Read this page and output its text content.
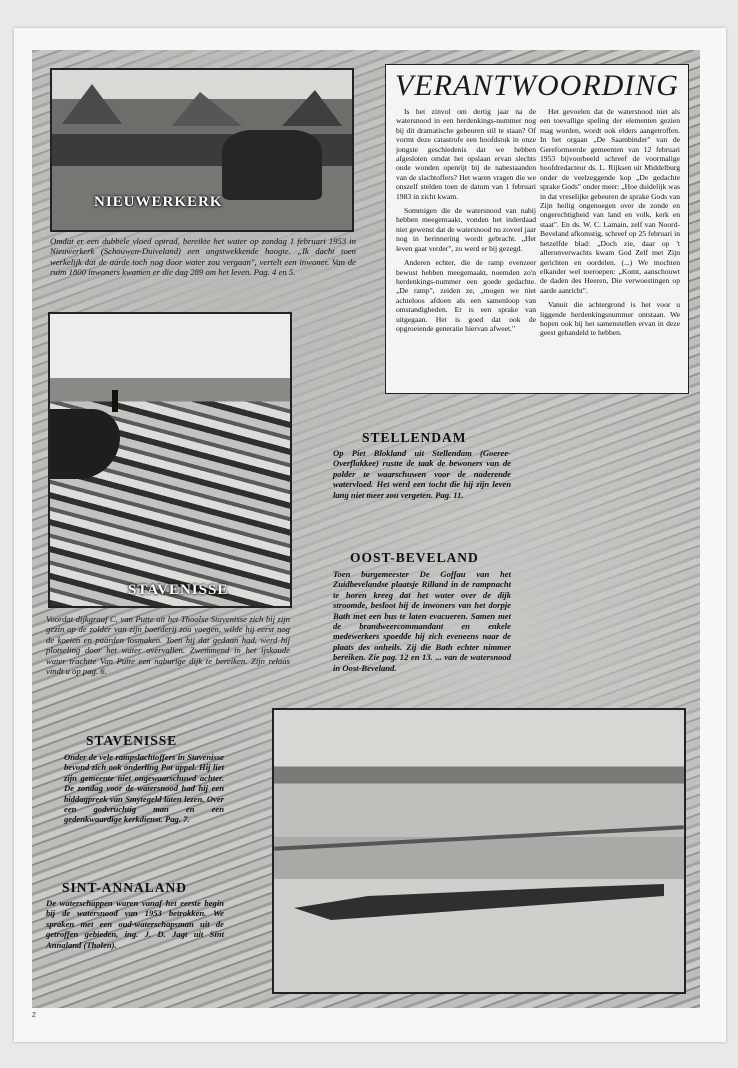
NIEUWERKERK
Omdat er een dubbele vloed optrad, bereikte het water op zondag 1 februari 1953 in Nieuwerkerk (Schouwen-Duiveland) een angstwekkende hoogte. „Ik dacht toen werkelijk dat de aarde toch nog door water zou vergaan", vertelt een inwoner. Van de ruim 1800 inwoners kwamen er die dag 289 om het leven. Pag. 4 en 5.
VERANTWOORDING

Is het zinvol om dertig jaar na de watersnood in een herdenkings-nummer nog bij dit dramatische gebeuren stil te staan? Of vormt deze catastrofe een hoofdstuk in onze jongste geschiedenis dat we hebben afgesloten omdat het opslaan ervan slechts oude wonden openrijt bij de nabestaanden van de slachtoffers? Het waren vragen die we onszelf stelden toen de datum van 1 februari 1983 in zicht kwam.

Sommigen die de watersnood van nabij hebben meegemaakt, vonden het inderdaad niet gewenst dat de watersnood nu zoveel jaar nog in herinnering wordt gebracht. „Het leven gaat verder", zo werd er bij gezegd.

Anderen echter, die de ramp evenzeer bewust hebben meegemaakt, noemden zo'n herdenkings-nummer een goede gedachte. „De ramp", zeiden ze, „mogen we niet achteloos afdoen als een samenloop van omstandigheden. Er is een sprake van uitgegaan. Het is goed dat ook de opgroeiende generatie hiervan afweet."

Het gevoelen dat de watersnood niet als een toevallige speling der elementen gezien mag worden, wordt ook elders aangetroffen. In het orgaan „De Saambinder" van de Gereformeerde gemeenten van 12 februari 1953 bijvoorbeeld schreef de voormalige hoofdredacteur ds. L. Rijksen uit Middelburg onder de veelzeggende kop „De gedachte sprake Gods" onder meer: „Hoe duidelijk was in dat vreselijke gebeuren de sprake Gods van Zijn heilig ongenoegen over de zonde en ongerechtigheid van land en volk, kerk en staat". En ds. W. C. Lamain, zelf van Noord-Beveland afkomstig, schreef op 25 februari in hetzelfde blad: „Doch zie, daar op 't alleronverwachts kwam God Zelf met Zijn gerichten en oordelen. (...) We mochten elkander wel toeroepen: „Komt, aanschouwt de daden des Heeren, Die verwoestingen op aarde aanricht".

Vanuit die achtergrond is het voor u liggende herdenkingsnummer ontstaan. We hopen ook bij het samenstellen ervan in deze geest gehandeld te hebben.

STAVENISSE
Voordat dijkgraaf C. van Putte uit het Thoolse Stavenisse zich bij zijn gezin op de zolder van zijn boerderij zou voegen, wilde hij eerst nog de koeien en paarden losmaken. Toen hij dat gedaan had, werd hij plotseling door het water overvallen. Zwemmend in het ijskoude water trachtte Van Putte een naburige dijk te bereiken. Zijn relaas vindt u op pag. 6.
STELLENDAM
Op Piet Blokland uit Stellendam (Goeree-Overflakkee) rustte de taak de bewoners van de polder te waarschuwen voor de naderende watervloed. Het werd een tocht die hij zijn leven lang niet meer zou vergeten. Pag. 11.
OOST-BEVELAND
Toen burgemeester De Goffau van het Zuidbevelandse plaatsje Rilland in de rampnacht te horen kreeg dat het water over de dijk stroomde, besloot hij de inwoners van het dorpje Bath met een bus te laten evacueren. Samen met de brandweercommandant en enkele medewerkers spoedde hij zich eveneens naar de plaats des onheils. Zij die Bath echter nimmer bereiken. Zie pag. 12 en 13. ... van de watersnood in Oost-Beveland.
STAVENISSE
Onder de vele rampslachtoffers in Stavenisse bevond zich ook onderling Pot appel. Hij liet zijn gemeente niet ongewaarschuwd achter. De zondag voor de watersnood had hij een biddagpreek van Smytegeld laten lezen. Over een godvruchtig man en een gedenkwaardige kerkdienst. Pag. 7.
SINT-ANNALAND
De waterschappen waren vanaf het eerste begin bij de watersnood van 1953 betrokken. We spraken met een oud-waterschapsman uit de getroffen gebieden, ing. J. D. Jagt uit Sint Annaland (Tholen).
2
